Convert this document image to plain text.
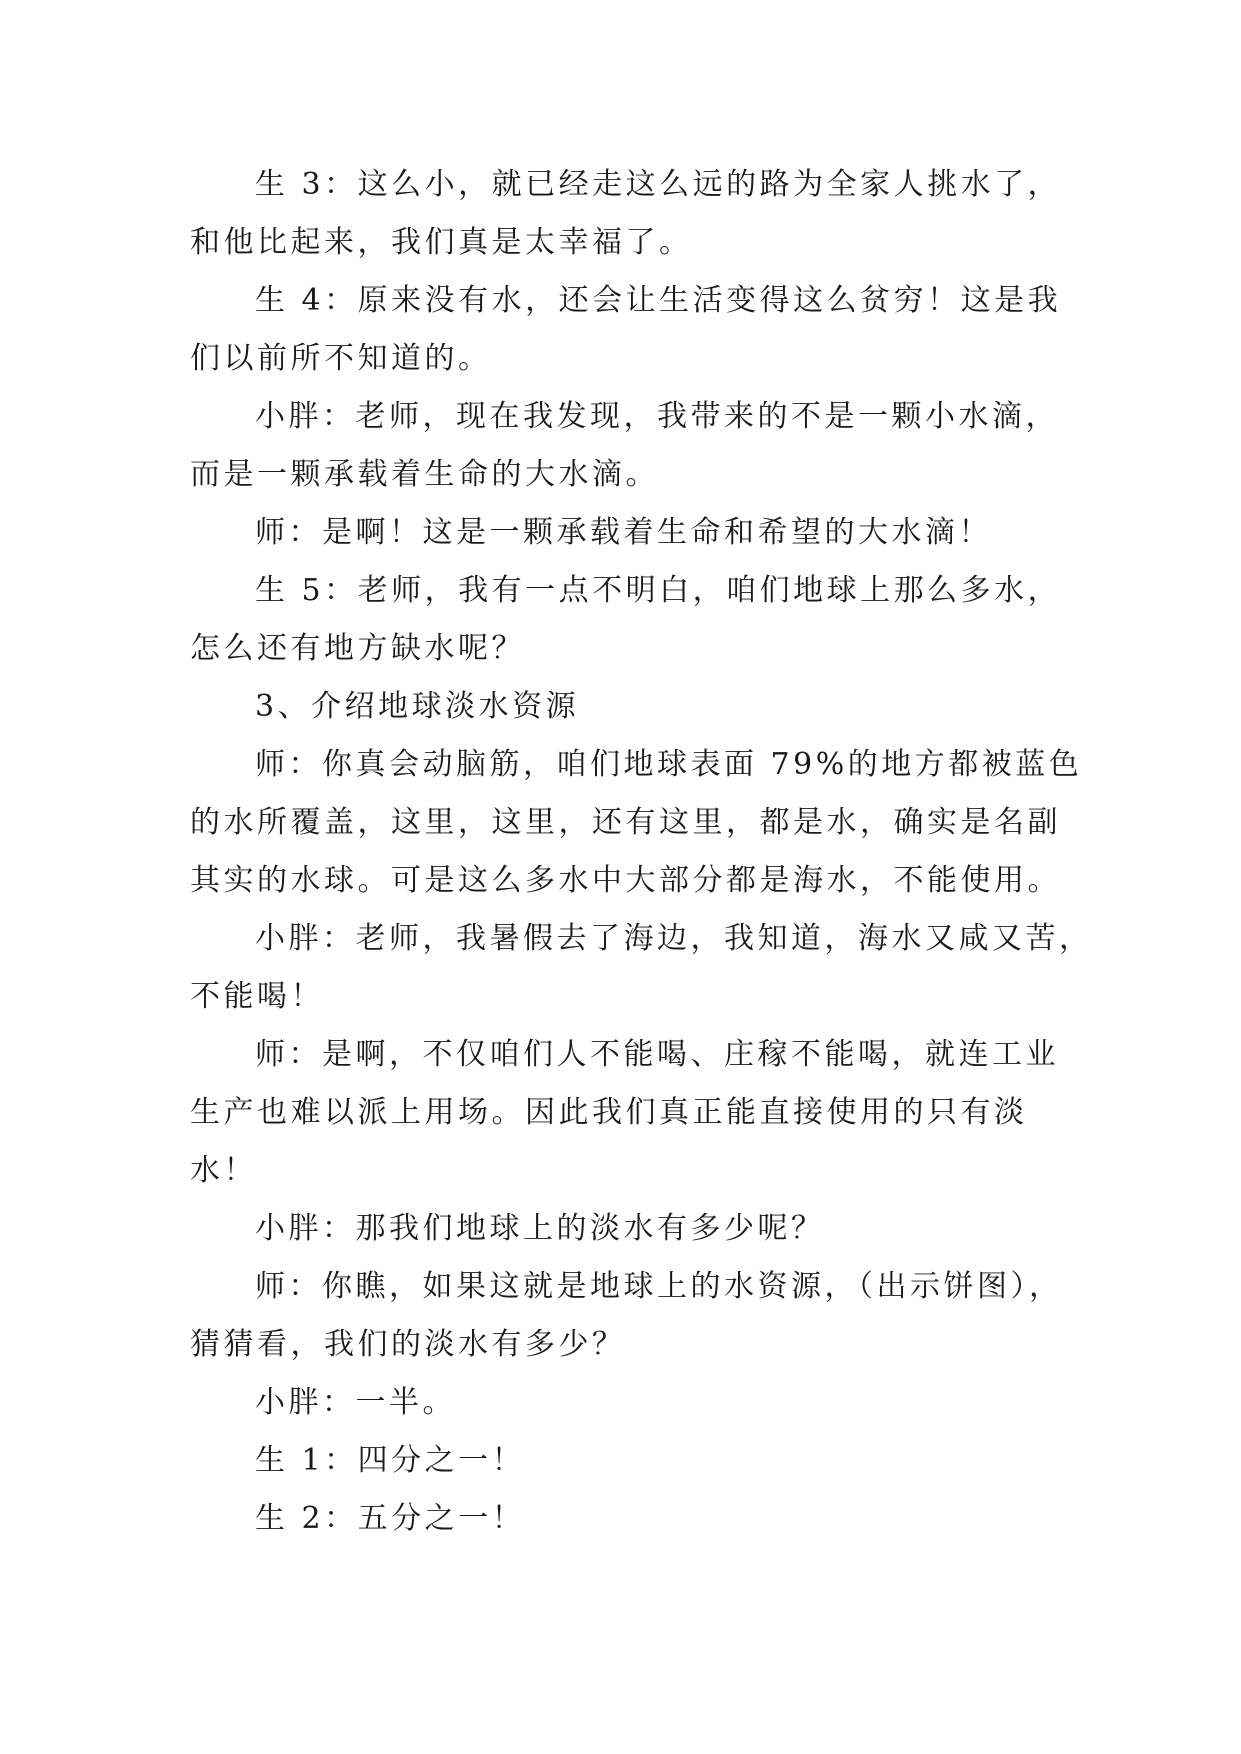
生 3：这么小，就已经走这么远的路为全家人挑水了，
和他比起来，我们真是太幸福了。
生 4：原来没有水，还会让生活变得这么贫穷！这是我
们以前所不知道的。
小胖：老师，现在我发现，我带来的不是一颗小水滴，
而是一颗承载着生命的大水滴。
师：是啊！这是一颗承载着生命和希望的大水滴！
生 5：老师，我有一点不明白，咱们地球上那么多水，
怎么还有地方缺水呢？
3、介绍地球淡水资源
师：你真会动脑筋，咱们地球表面 79%的地方都被蓝色
的水所覆盖，这里，这里，还有这里，都是水，确实是名副
其实的水球。可是这么多水中大部分都是海水，不能使用。
小胖：老师，我暑假去了海边，我知道，海水又咸又苦，
不能喝！
师：是啊，不仅咱们人不能喝、庄稼不能喝，就连工业
生产也难以派上用场。因此我们真正能直接使用的只有淡
水！
小胖：那我们地球上的淡水有多少呢？
师：你瞧，如果这就是地球上的水资源，（出示饼图），
猜猜看，我们的淡水有多少？
小胖：一半。
生 1：四分之一！
生 2：五分之一！
